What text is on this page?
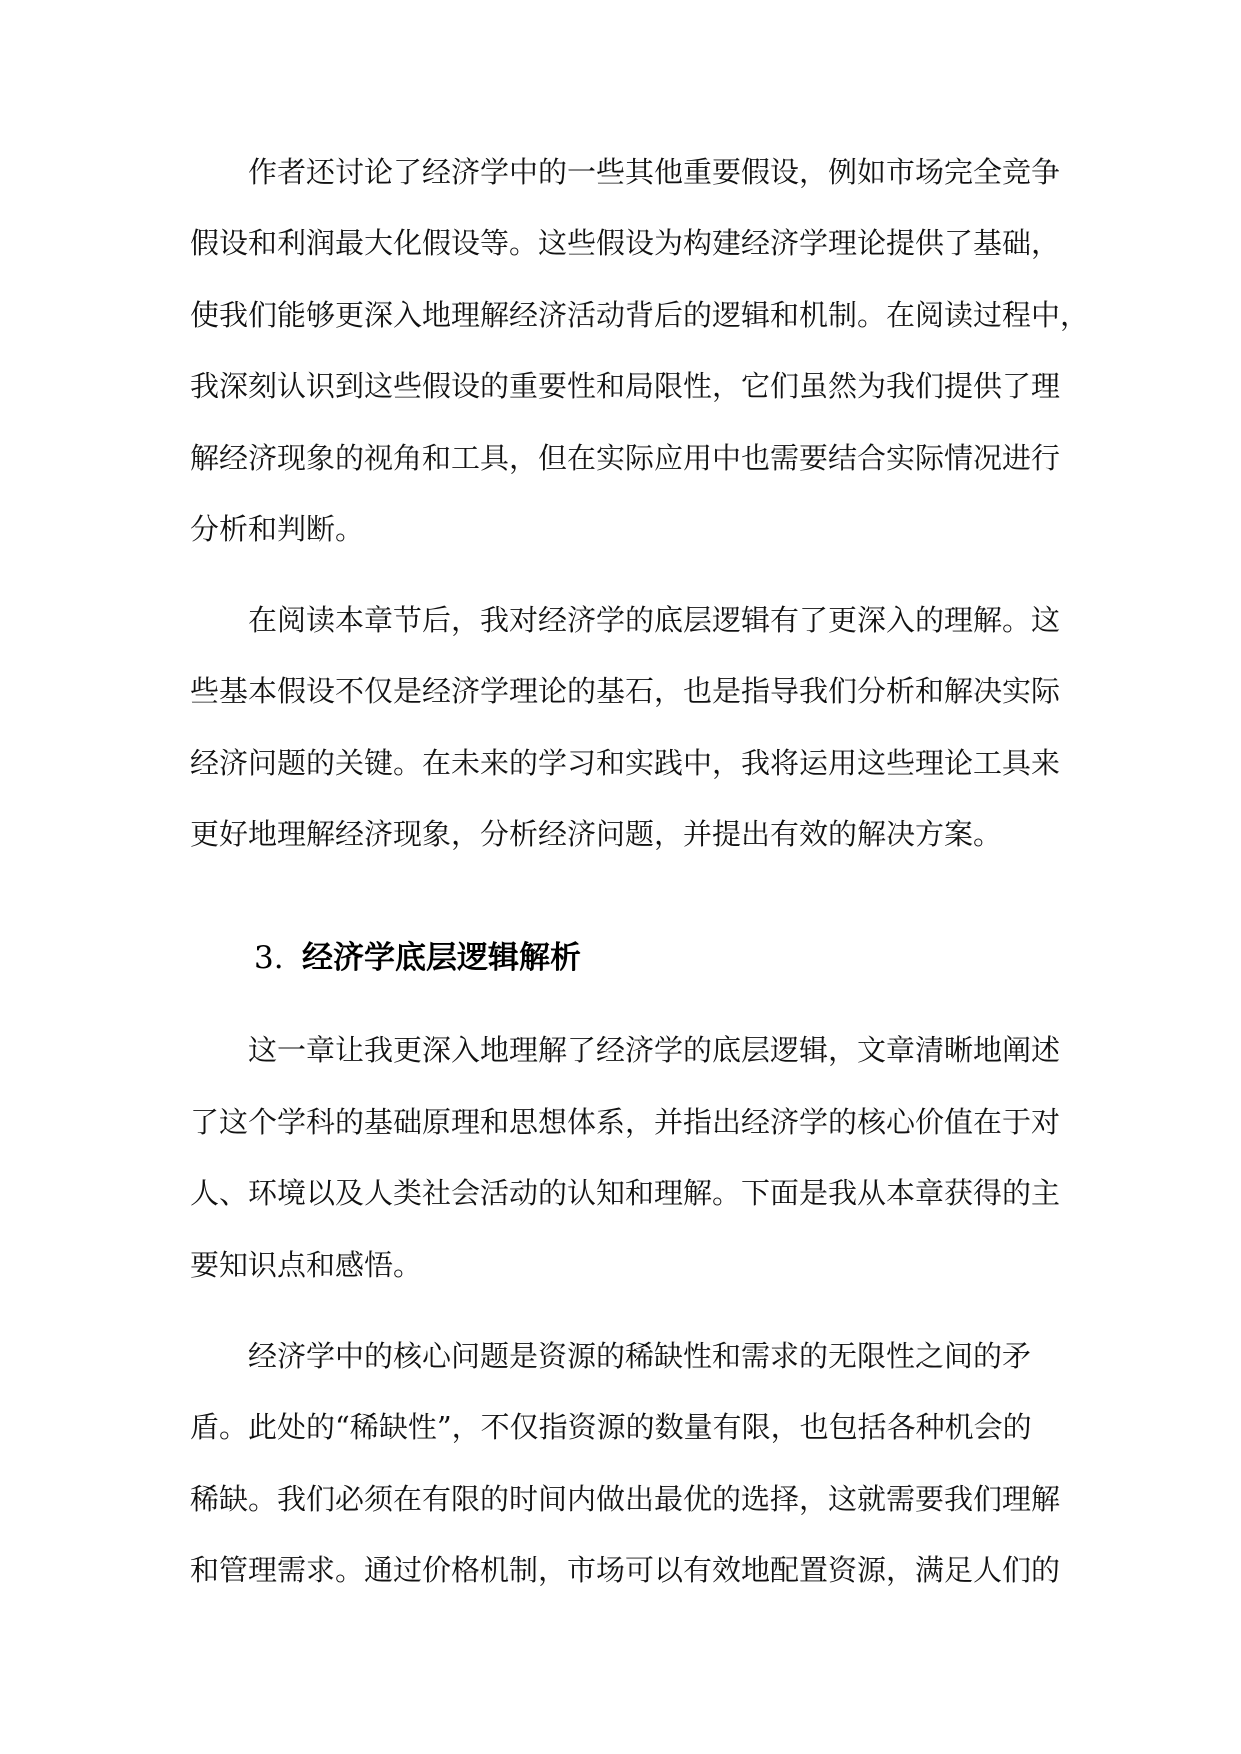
作者还讨论了经济学中的一些其他重要假设，例如市场完全竞争

假设和利润最大化假设等。这些假设为构建经济学理论提供了基础，

使我们能够更深入地理解经济活动背后的逻辑和机制。在阅读过程中，

我深刻认识到这些假设的重要性和局限性，它们虽然为我们提供了理

解经济现象的视角和工具，但在实际应用中也需要结合实际情况进行

分析和判断。

在阅读本章节后，我对经济学的底层逻辑有了更深入的理解。这

些基本假设不仅是经济学理论的基石，也是指导我们分析和解决实际

经济问题的关键。在未来的学习和实践中，我将运用这些理论工具来

更好地理解经济现象，分析经济问题，并提出有效的解决方案。

3. 经济学底层逻辑解析

这一章让我更深入地理解了经济学的底层逻辑，文章清晰地阐述

了这个学科的基础原理和思想体系，并指出经济学的核心价值在于对

人、环境以及人类社会活动的认知和理解。下面是我从本章获得的主

要知识点和感悟。

经济学中的核心问题是资源的稀缺性和需求的无限性之间的矛

盾。此处的“稀缺性”，不仅指资源的数量有限，也包括各种机会的

稀缺。我们必须在有限的时间内做出最优的选择，这就需要我们理解

和管理需求。通过价格机制，市场可以有效地配置资源，满足人们的
